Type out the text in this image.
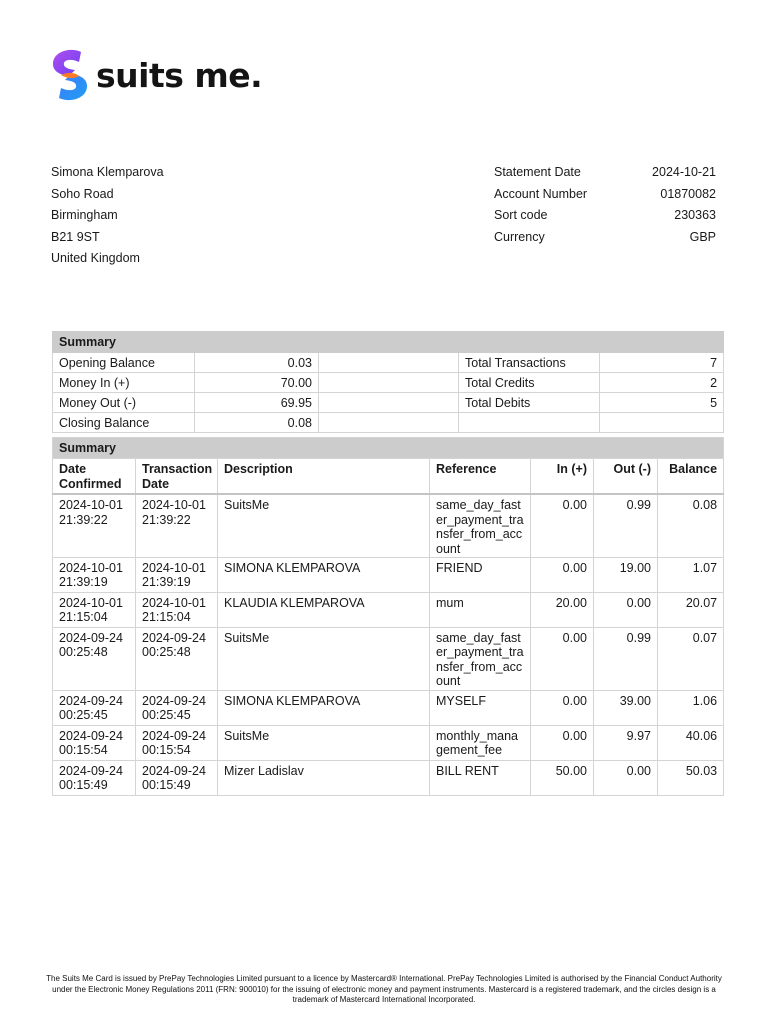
suits me.
Simona Klemparova
Soho Road
Birmingham
B21 9ST
United Kingdom
Statement Date	2024-10-21
Account Number	01870082
Sort code	230363
Currency	GBP
Summary				
Opening Balance	0.03		Total Transactions	7
Money In (+)	70.00		Total Credits	2
Money Out (-)	69.95		Total Debits	5
Closing Balance	0.08			
Summary						
Date Confirmed	Transaction Date	Description	Reference	In (+)	Out (-)	Balance
2024-10-01 21:39:22	2024-10-01 21:39:22	SuitsMe	same_day_faster_payment_transfer_from_account	0.00	0.99	0.08
2024-10-01 21:39:19	2024-10-01 21:39:19	SIMONA KLEMPAROVA	FRIEND	0.00	19.00	1.07
2024-10-01 21:15:04	2024-10-01 21:15:04	KLAUDIA KLEMPAROVA	mum	20.00	0.00	20.07
2024-09-24 00:25:48	2024-09-24 00:25:48	SuitsMe	same_day_faster_payment_transfer_from_account	0.00	0.99	0.07
2024-09-24 00:25:45	2024-09-24 00:25:45	SIMONA KLEMPAROVA	MYSELF	0.00	39.00	1.06
2024-09-24 00:15:54	2024-09-24 00:15:54	SuitsMe	monthly_management_fee	0.00	9.97	40.06
2024-09-24 00:15:49	2024-09-24 00:15:49	Mizer Ladislav	BILL RENT	50.00	0.00	50.03
The Suits Me Card is issued by PrePay Technologies Limited pursuant to a licence by Mastercard® International. PrePay Technologies Limited is authorised by the Financial Conduct Authority under the Electronic Money Regulations 2011 (FRN: 900010) for the issuing of electronic money and payment instruments. Mastercard is a registered trademark, and the circles design is a trademark of Mastercard International Incorporated.
